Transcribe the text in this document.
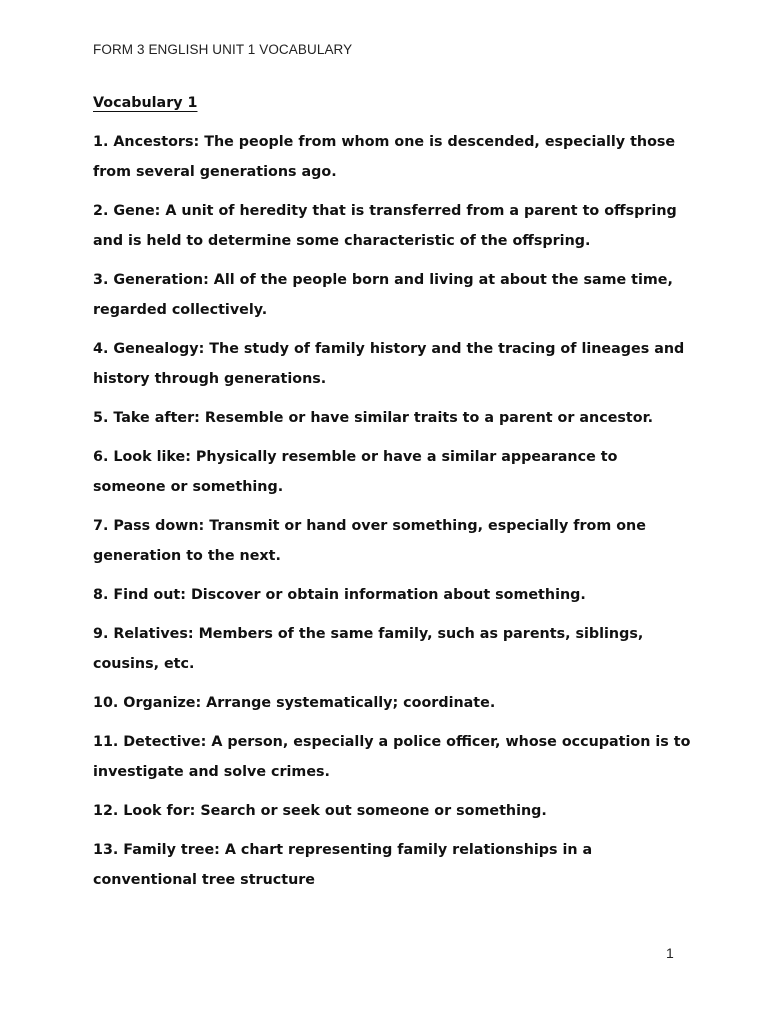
FORM 3 ENGLISH UNIT 1 VOCABULARY
Vocabulary 1

1. Ancestors: The people from whom one is descended, especially those from several generations ago.

2. Gene: A unit of heredity that is transferred from a parent to offspring and is held to determine some characteristic of the offspring.

3. Generation: All of the people born and living at about the same time, regarded collectively.

4. Genealogy: The study of family history and the tracing of lineages and history through generations.

5. Take after: Resemble or have similar traits to a parent or ancestor.

6. Look like: Physically resemble or have a similar appearance to someone or something.

7. Pass down: Transmit or hand over something, especially from one generation to the next.

8. Find out: Discover or obtain information about something.

9. Relatives: Members of the same family, such as parents, siblings, cousins, etc.

10. Organize: Arrange systematically; coordinate.

11. Detective: A person, especially a police officer, whose occupation is to investigate and solve crimes.

12. Look for: Search or seek out someone or something.

13. Family tree: A chart representing family relationships in a conventional tree structure

1
